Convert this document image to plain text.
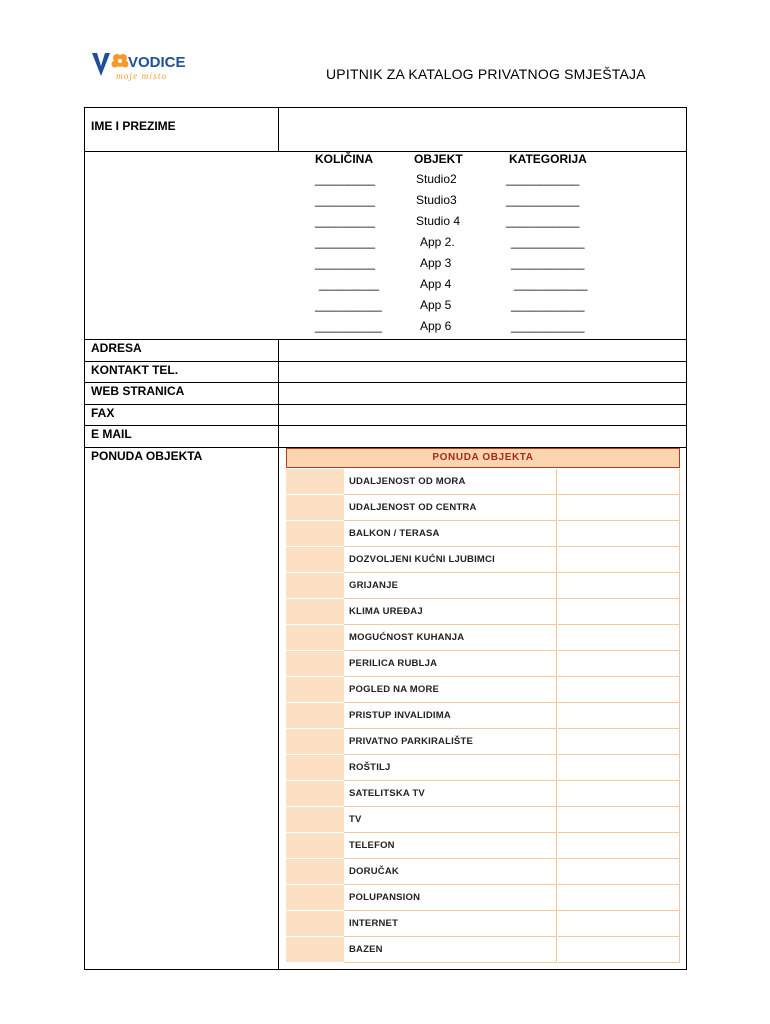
VODICE
moje misto	UPITNIK ZA KATALOG PRIVATNOG SMJEŠTAJA
IME I PREZIME
KOLIČINA	OBJEKT	KATEGORIJA
_________	Studio2	___________
_________	Studio3	___________
_________	Studio 4	___________
_________	App 2.	___________
_________	App 3	___________
_________	App 4	___________
__________	App 5	___________
__________	App 6	___________
ADRESA
KONTAKT TEL.
WEB STRANICA
FAX
E MAIL
PONUDA OBJEKTA	PONUDA OBJEKTA
UDALJENOST OD MORA
UDALJENOST OD CENTRA
BALKON / TERASA
DOZVOLJENI KUĆNI LJUBIMCI
GRIJANJE
KLIMA UREĐAJ
MOGUĆNOST KUHANJA
PERILICA RUBLJA
POGLED NA MORE
PRISTUP INVALIDIMA
PRIVATNO PARKIRALIŠTE
ROŠTILJ
SATELITSKA TV
TV
TELEFON
DORUČAK
POLUPANSION
INTERNET
BAZEN
